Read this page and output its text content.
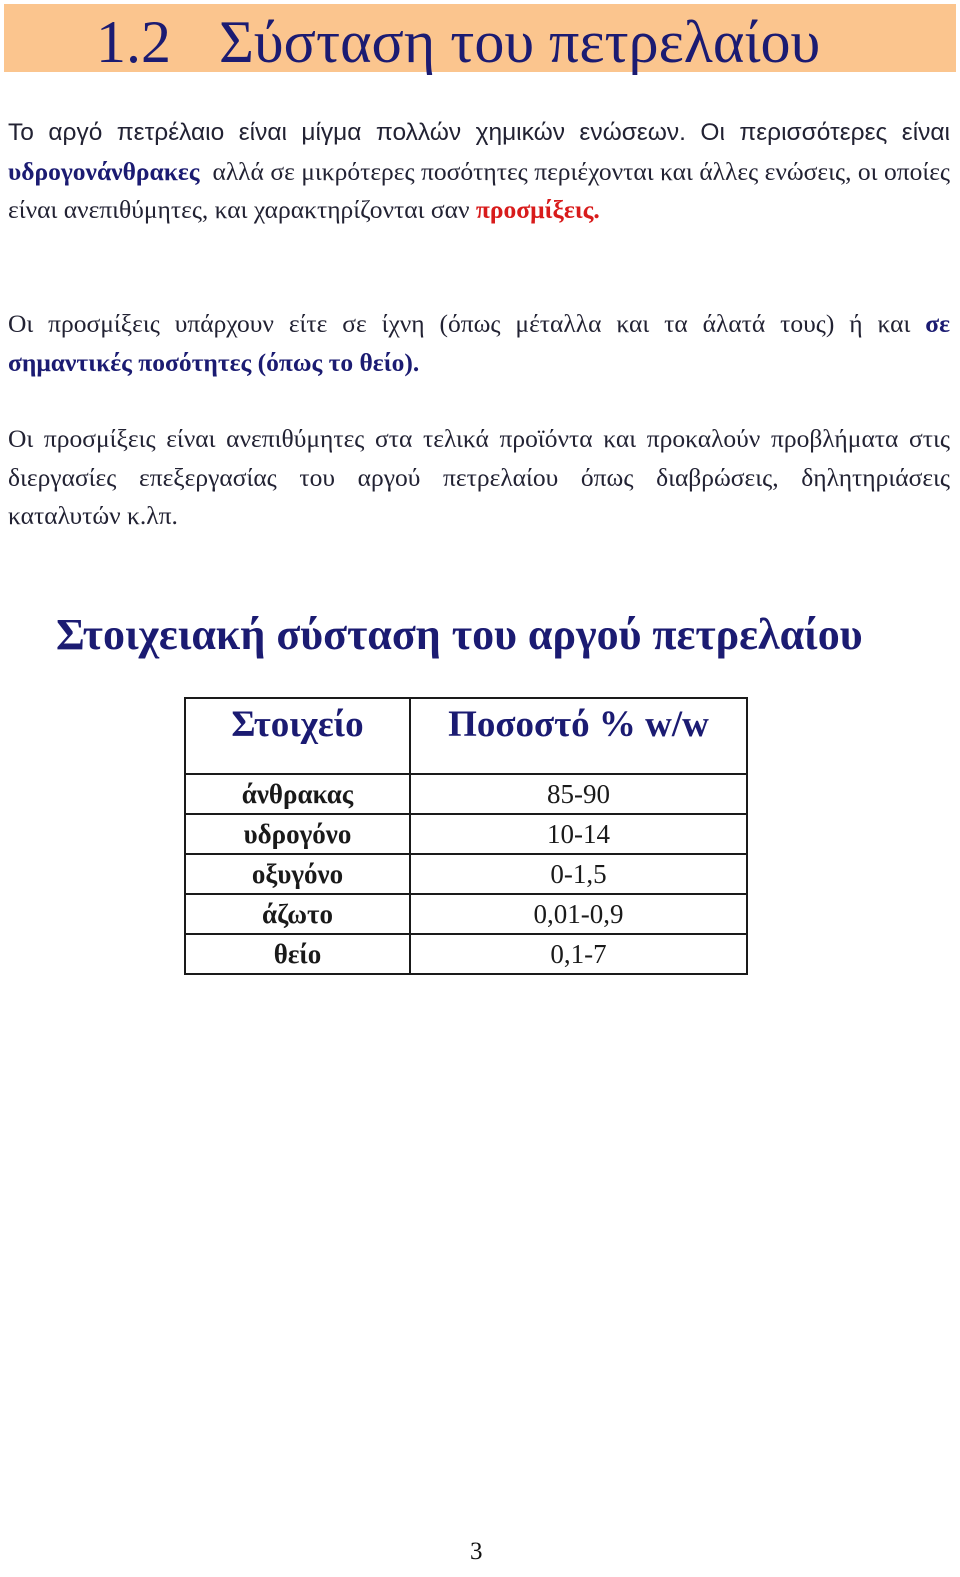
1.2 Σύσταση του πετρελαίου

Το αργό πετρέλαιο είναι μίγμα πολλών χημικών ενώσεων. Οι περισσότερες είναι υδρογονάνθρακες αλλά σε μικρότερες ποσότητες περιέχονται και άλλες ενώσεις, οι οποίες είναι ανεπιθύμητες, και χαρακτηρίζονται σαν προσμίξεις.

Οι προσμίξεις υπάρχουν είτε σε ίχνη (όπως μέταλλα και τα άλατά τους) ή και σε σημαντικές ποσότητες (όπως το θείο).

Οι προσμίξεις είναι ανεπιθύμητες στα τελικά προϊόντα και προκαλούν προβλήματα στις διεργασίες επεξεργασίας του αργού πετρελαίου όπως διαβρώσεις, δηλητηριάσεις καταλυτών κ.λπ.

Στοιχειακή σύσταση του αργού πετρελαίου
Στοιχείο	Ποσοστό % w/w
άνθρακας	85-90
υδρογόνο	10-14
οξυγόνο	0-1,5
άζωτο	0,01-0,9
θείο	0,1-7
3
